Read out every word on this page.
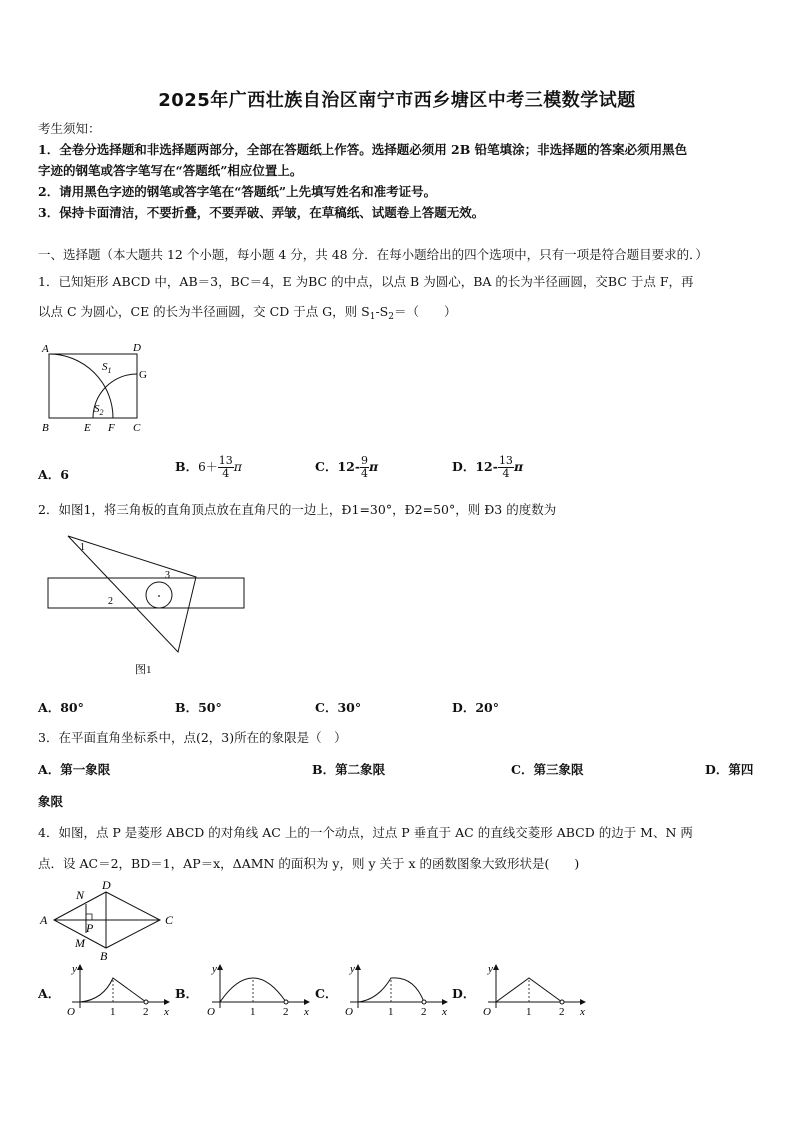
2025年广西壮族自治区南宁市西乡塘区中考三模数学试题
考生须知：
1．全卷分选择题和非选择题两部分，全部在答题纸上作答。选择题必须用 2B 铅笔填涂；非选择题的答案必须用黑色
字迹的钢笔或答字笔写在“答题纸”相应位置上。
2．请用黑色字迹的钢笔或答字笔在“答题纸”上先填写姓名和准考证号。
3．保持卡面清洁，不要折叠，不要弄破、弄皱，在草稿纸、试题卷上答题无效。
一、选择题（本大题共 12 个小题，每小题 4 分，共 48 分．在每小题给出的四个选项中，只有一项是符合题目要求的．）
1．已知矩形 ABCD 中，AB＝3，BC＝4，E 为BC 的中点，以点 B 为圆心，BA 的长为半径画圆，交BC 于点 F，再
以点 C 为圆心，CE 的长为半径画圆，交 CD 于点 G，则 $S_1-S_2=$（　　）
A	D
G
B	E F C
$S_1$
$S_2$
A．6
B．$6+ \frac{13}{4}$ π	C．$12- \frac{9}{4}$ π	D．$12- \frac{13}{4}$ π
2．如图1，将三角板的直角顶点放在直角尺的一边上，Ð1=30°，Ð2=50°，则 Ð3 的度数为
1
2
3
图1
A．80°	B．50°	C．30°	D．20°
3．在平面直角坐标系中，点(2，3)所在的象限是（　）
A．第一象限	B．第二象限	C．第三象限	D．第四
象限
4．如图，点 P 是菱形 ABCD 的对角线 AC 上的一个动点，过点 P 垂直于 AC 的直线交菱形 ABCD 的边于 M、N 两
点．设 AC＝2，BD＝1，AP＝x，ΔAMN 的面积为 y，则 y 关于 x 的函数图象大致形状是(　　)
A
D
C
B
N
M
P
A．	B．	C．	D．
y
x
O	1	2
y
x
O	1	2
y
x
O	1	2
y
x
O	1	2
